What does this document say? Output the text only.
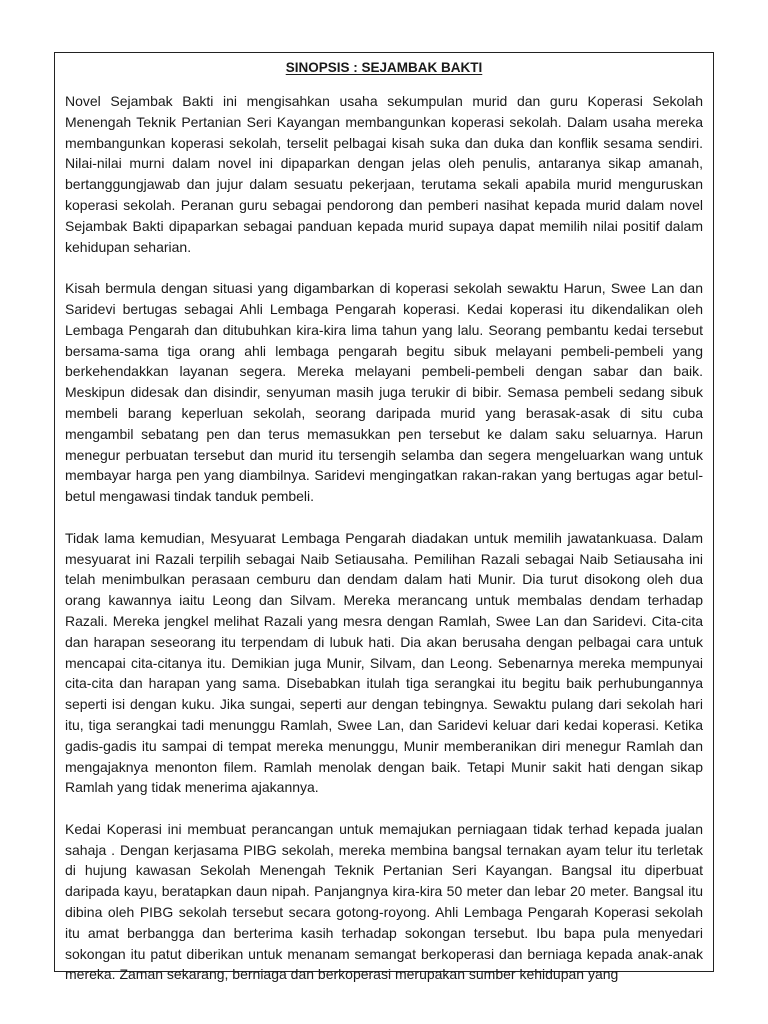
SINOPSIS : SEJAMBAK BAKTI

Novel Sejambak Bakti ini mengisahkan usaha sekumpulan murid dan guru Koperasi Sekolah Menengah Teknik Pertanian Seri Kayangan membangunkan koperasi sekolah. Dalam usaha mereka membangunkan koperasi sekolah, terselit pelbagai kisah suka dan duka dan konflik sesama sendiri. Nilai-nilai murni dalam novel ini dipaparkan dengan jelas oleh penulis, antaranya sikap amanah, bertanggungjawab dan jujur dalam sesuatu pekerjaan, terutama sekali apabila murid menguruskan koperasi sekolah. Peranan guru sebagai pendorong dan pemberi nasihat kepada murid dalam novel Sejambak Bakti dipaparkan sebagai panduan kepada murid supaya dapat memilih nilai positif dalam kehidupan seharian.

Kisah bermula dengan situasi yang digambarkan di koperasi sekolah sewaktu Harun, Swee Lan dan Saridevi bertugas sebagai Ahli Lembaga Pengarah koperasi. Kedai koperasi itu dikendalikan oleh Lembaga Pengarah dan ditubuhkan kira-kira lima tahun yang lalu. Seorang pembantu kedai tersebut bersama-sama tiga orang ahli lembaga pengarah begitu sibuk melayani pembeli-pembeli yang berkehendakkan layanan segera. Mereka melayani pembeli-pembeli dengan sabar dan baik. Meskipun didesak dan disindir, senyuman masih juga terukir di bibir. Semasa pembeli sedang sibuk membeli barang keperluan sekolah, seorang daripada murid yang berasak-asak di situ cuba mengambil sebatang pen dan terus memasukkan pen tersebut ke dalam saku seluarnya. Harun menegur perbuatan tersebut dan murid itu tersengih selamba dan segera mengeluarkan wang untuk membayar harga pen yang diambilnya. Saridevi mengingatkan rakan-rakan yang bertugas agar betul-betul mengawasi tindak tanduk pembeli.

Tidak lama kemudian, Mesyuarat Lembaga Pengarah diadakan untuk memilih jawatankuasa. Dalam mesyuarat ini Razali terpilih sebagai Naib Setiausaha. Pemilihan Razali sebagai Naib Setiausaha ini telah menimbulkan perasaan cemburu dan dendam dalam hati Munir. Dia turut disokong oleh dua orang kawannya iaitu Leong dan Silvam. Mereka merancang untuk membalas dendam terhadap Razali. Mereka jengkel melihat Razali yang mesra dengan Ramlah, Swee Lan dan Saridevi. Cita-cita dan harapan seseorang itu terpendam di lubuk hati. Dia akan berusaha dengan pelbagai cara untuk mencapai cita-citanya itu. Demikian juga Munir, Silvam, dan Leong. Sebenarnya mereka mempunyai cita-cita dan harapan yang sama. Disebabkan itulah tiga serangkai itu begitu baik perhubungannya seperti isi dengan kuku. Jika sungai, seperti aur dengan tebingnya. Sewaktu pulang dari sekolah hari itu, tiga serangkai tadi menunggu Ramlah, Swee Lan, dan Saridevi keluar dari kedai koperasi. Ketika gadis-gadis itu sampai di tempat mereka menunggu, Munir memberanikan diri menegur Ramlah dan mengajaknya menonton filem. Ramlah menolak dengan baik. Tetapi Munir sakit hati dengan sikap Ramlah yang tidak menerima ajakannya.

Kedai Koperasi ini membuat perancangan untuk memajukan perniagaan tidak terhad kepada jualan sahaja . Dengan kerjasama PIBG sekolah, mereka membina bangsal ternakan ayam telur itu terletak di hujung kawasan Sekolah Menengah Teknik Pertanian Seri Kayangan. Bangsal itu diperbuat daripada kayu, beratapkan daun nipah. Panjangnya kira-kira 50 meter dan lebar 20 meter. Bangsal itu dibina oleh PIBG sekolah tersebut secara gotong-royong. Ahli Lembaga Pengarah Koperasi sekolah itu amat berbangga dan berterima kasih terhadap sokongan tersebut. Ibu bapa pula menyedari sokongan itu patut diberikan untuk menanam semangat berkoperasi dan berniaga kepada anak-anak mereka. Zaman sekarang, berniaga dan berkoperasi merupakan sumber kehidupan yang
